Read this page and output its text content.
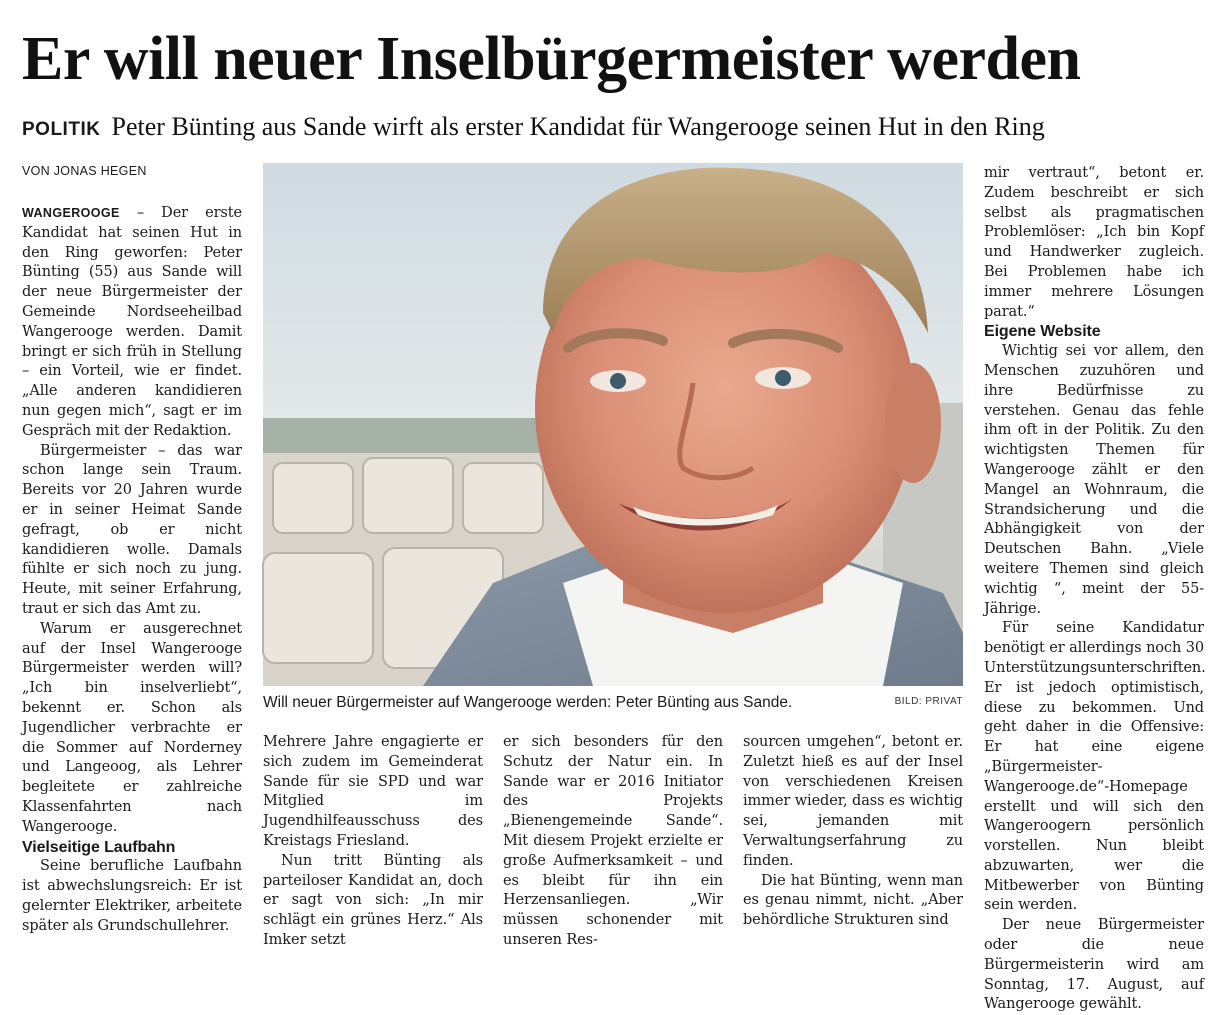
Er will neuer Inselbürgermeister werden
POLITIK Peter Bünting aus Sande wirft als erster Kandidat für Wangerooge seinen Hut in den Ring
VON JONAS HEGEN

WANGEROOGE – Der erste Kandidat hat seinen Hut in den Ring geworfen: Peter Bünting (55) aus Sande will der neue Bürgermeister der Gemeinde Nordseeheilbad Wangerooge werden. Damit bringt er sich früh in Stellung – ein Vorteil, wie er findet. „Alle anderen kandidieren nun gegen mich“, sagt er im Gespräch mit der Redaktion.

Bürgermeister – das war schon lange sein Traum. Bereits vor 20 Jahren wurde er in seiner Heimat Sande gefragt, ob er nicht kandidieren wolle. Damals fühlte er sich noch zu jung. Heute, mit seiner Erfahrung, traut er sich das Amt zu.

Warum er ausgerechnet auf der Insel Wangerooge Bürgermeister werden will? „Ich bin inselverliebt“, bekennt er. Schon als Jugendlicher verbrachte er die Sommer auf Norderney und Langeoog, als Lehrer begleitete er zahlreiche Klassenfahrten nach Wangerooge.

Vielseitige Laufbahn

Seine berufliche Laufbahn ist abwechslungsreich: Er ist gelernter Elektriker, arbeitete später als Grundschullehrer.

Will neuer Bürgermeister auf Wangerooge werden: Peter Bünting aus Sande.	BILD: PRIVAT

Mehrere Jahre engagierte er sich zudem im Gemeinderat Sande für sie SPD und war Mitglied im Jugendhilfeausschuss des Kreistags Friesland.

Nun tritt Bünting als parteiloser Kandidat an, doch er sagt von sich: „In mir schlägt ein grünes Herz.“ Als Imker setzt

er sich besonders für den Schutz der Natur ein. In Sande war er 2016 Initiator des Projekts „Bienengemeinde Sande“. Mit diesem Projekt erzielte er große Aufmerksamkeit – und es bleibt für ihn ein Herzensanliegen. „Wir müssen schonender mit unseren Res-

sourcen umgehen“, betont er. Zuletzt hieß es auf der Insel von verschiedenen Kreisen immer wieder, dass es wichtig sei, jemanden mit Verwaltungserfahrung zu finden.

Die hat Bünting, wenn man es genau nimmt, nicht. „Aber behördliche Strukturen sind

mir vertraut“, betont er. Zudem beschreibt er sich selbst als pragmatischen Problemlöser: „Ich bin Kopf und Handwerker zugleich. Bei Problemen habe ich immer mehrere Lösungen parat.“

Eigene Website

Wichtig sei vor allem, den Menschen zuzuhören und ihre Bedürfnisse zu verstehen. Genau das fehle ihm oft in der Politik. Zu den wichtigsten Themen für Wangerooge zählt er den Mangel an Wohnraum, die Strandsicherung und die Abhängigkeit von der Deutschen Bahn. „Viele weitere Themen sind gleich wichtig “, meint der 55-Jährige.

Für seine Kandidatur benötigt er allerdings noch 30 Unterstützungsunterschriften. Er ist jedoch optimistisch, diese zu bekommen. Und geht daher in die Offensive: Er hat eine eigene „Bürgermeister-Wangerooge.de“-Homepage erstellt und will sich den Wangeroogern persönlich vorstellen. Nun bleibt abzuwarten, wer die Mitbewerber von Bünting sein werden.

Der neue Bürgermeister oder die neue Bürgermeisterin wird am Sonntag, 17. August, auf Wangerooge gewählt.
